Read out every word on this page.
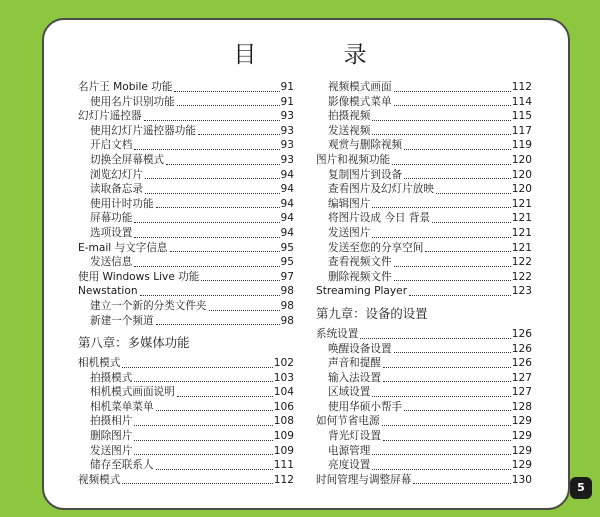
目 录
名片王 Mobile 功能	91
使用名片识别功能	91
幻灯片遥控器	93
使用幻灯片遥控器功能	93
开启文档	93
切换全屏幕模式	93
浏览幻灯片	94
读取备忘录	94
使用计时功能	94
屏幕功能	94
选项设置	94
E-mail 与文字信息	95
发送信息	95
使用 Windows Live 功能	97
Newstation	98
建立一个新的分类文件夹	98
新建一个频道	98
第八章：多媒体功能
相机模式	102
拍摄模式	103
相机模式画面说明	104
相机菜单菜单	106
拍摄相片	108
删除图片	109
发送图片	109
储存至联系人	111
视频模式	112
视频模式画面	112
影像模式菜单	114
拍摄视频	115
发送视频	117
观赏与删除视频	119
图片和视频功能	120
复制图片到设备	120
查看图片及幻灯片放映	120
编辑图片	121
将图片设成 今日 背景	121
发送图片	121
发送至您的分享空间	121
查看视频文件	122
删除视频文件	122
Streaming Player	123
第九章：设备的设置
系统设置	126
唤醒设备设置	126
声音和提醒	126
输入法设置	127
区域设置	127
使用华硕小帮手	128
如何节省电源	129
背光灯设置	129
电源管理	129
亮度设置	129
时间管理与调整屏幕	130
5
